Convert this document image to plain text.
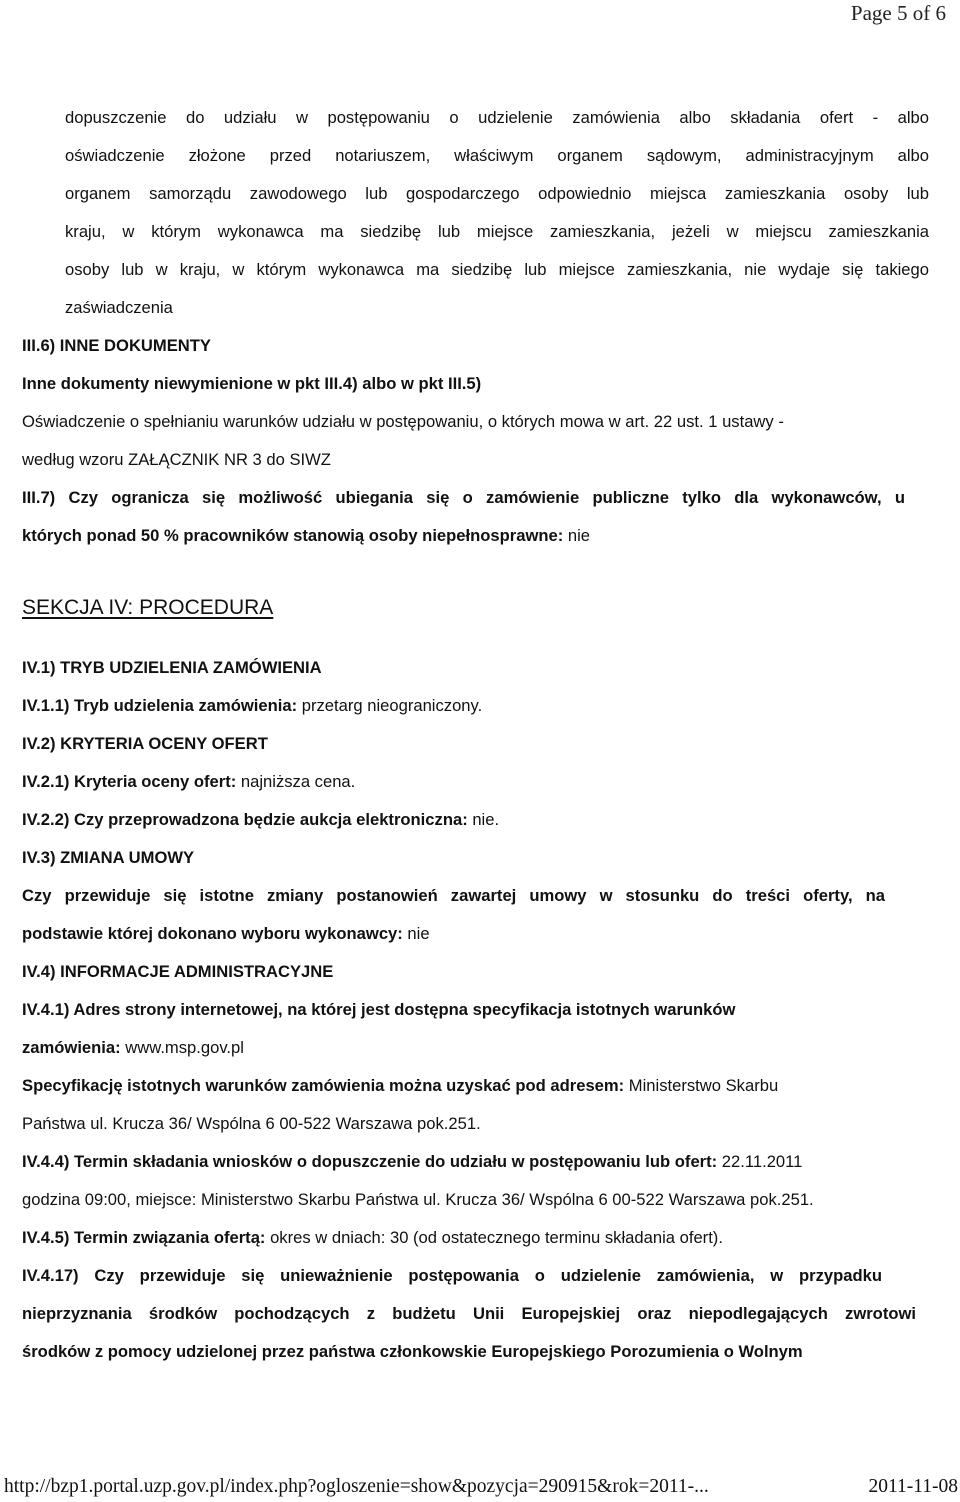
Page 5 of 6
dopuszczenie do udziału w postępowaniu o udzielenie zamówienia albo składania ofert - albo
oświadczenie złożone przed notariuszem, właściwym organem sądowym, administracyjnym albo
organem samorządu zawodowego lub gospodarczego odpowiednio miejsca zamieszkania osoby lub
kraju, w którym wykonawca ma siedzibę lub miejsce zamieszkania, jeżeli w miejscu zamieszkania
osoby lub w kraju, w którym wykonawca ma siedzibę lub miejsce zamieszkania, nie wydaje się takiego
zaświadczenia
III.6) INNE DOKUMENTY
Inne dokumenty niewymienione w pkt III.4) albo w pkt III.5)
Oświadczenie o spełnianiu warunków udziału w postępowaniu, o których mowa w art. 22 ust. 1 ustawy -
według wzoru ZAŁĄCZNIK NR 3 do SIWZ
III.7) Czy ogranicza się możliwość ubiegania się o zamówienie publiczne tylko dla wykonawców, u
których ponad 50 % pracowników stanowią osoby niepełnosprawne: nie
SEKCJA IV: PROCEDURA
IV.1) TRYB UDZIELENIA ZAMÓWIENIA
IV.1.1) Tryb udzielenia zamówienia: przetarg nieograniczony.
IV.2) KRYTERIA OCENY OFERT
IV.2.1) Kryteria oceny ofert: najniższa cena.
IV.2.2) Czy przeprowadzona będzie aukcja elektroniczna: nie.
IV.3) ZMIANA UMOWY
Czy przewiduje się istotne zmiany postanowień zawartej umowy w stosunku do treści oferty, na
podstawie której dokonano wyboru wykonawcy: nie
IV.4) INFORMACJE ADMINISTRACYJNE
IV.4.1) Adres strony internetowej, na której jest dostępna specyfikacja istotnych warunków
zamówienia: www.msp.gov.pl
Specyfikację istotnych warunków zamówienia można uzyskać pod adresem: Ministerstwo Skarbu
Państwa ul. Krucza 36/ Wspólna 6 00-522 Warszawa pok.251.
IV.4.4) Termin składania wniosków o dopuszczenie do udziału w postępowaniu lub ofert: 22.11.2011
godzina 09:00, miejsce: Ministerstwo Skarbu Państwa ul. Krucza 36/ Wspólna 6 00-522 Warszawa pok.251.
IV.4.5) Termin związania ofertą: okres w dniach: 30 (od ostatecznego terminu składania ofert).
IV.4.17) Czy przewiduje się unieważnienie postępowania o udzielenie zamówienia, w przypadku
nieprzyznania środków pochodzących z budżetu Unii Europejskiej oraz niepodlegających zwrotowi
środków z pomocy udzielonej przez państwa członkowskie Europejskiego Porozumienia o Wolnym
http://bzp1.portal.uzp.gov.pl/index.php?ogloszenie=show&pozycja=290915&rok=2011-...	2011-11-08
